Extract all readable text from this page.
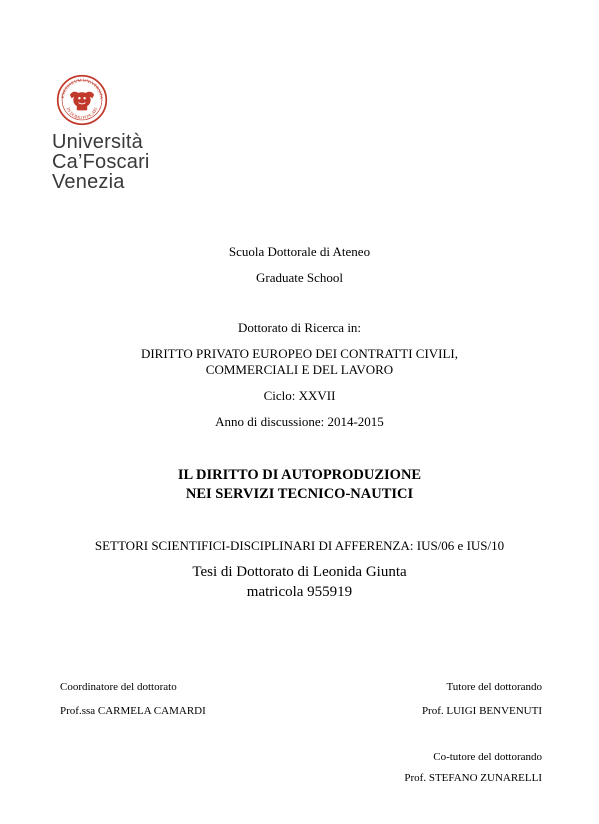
ENETIARUM UNIVERSITA
IN DOMO FOSCARI
Università
Ca’Foscari
Venezia
Scuola Dottorale di Ateneo
Graduate School
Dottorato di Ricerca in:
DIRITTO PRIVATO EUROPEO DEI CONTRATTI CIVILI,
COMMERCIALI E DEL LAVORO
Ciclo: XXVII
Anno di discussione: 2014-2015
IL DIRITTO DI AUTOPRODUZIONE
NEI SERVIZI TECNICO-NAUTICI
SETTORI SCIENTIFICI-DISCIPLINARI DI AFFERENZA: IUS/06 e IUS/10
Tesi di Dottorato di Leonida Giunta
matricola 955919
Coordinatore del dottorato
Prof.ssa CARMELA CAMARDI
Tutore del dottorando
Prof. LUIGI BENVENUTI
Co-tutore del dottorando
Prof. STEFANO ZUNARELLI
